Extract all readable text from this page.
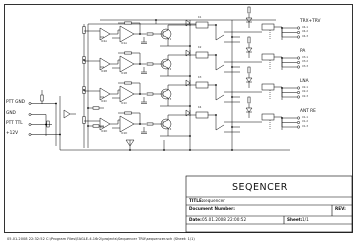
PTT GND
GND
PTT TTL
+12V
IC2A
IC1A
T1
K1
TRX+TRV
X4-1
X4-2
X4-3
IC2B
IC1B
T2
K2
PA
X3-1
X3-2
X3-3
IC2C
IC1C
T3
K3
LNA
X2-1
X2-2
X2-3
IC2D
IC1D
T4
K4
ANT RE
X1-1
X1-2
X1-3
SEQENCER
TITLE: sequencer
Document Number:	REV:
Date: 05.01.2008 22:00:52	Sheet: 1/1
05.01.2008 22:32:52 C:\Program Files\EAGLE-4.16r2\projects\Sequencer TRX\sequencer.sch (Sheet: 1/1)
